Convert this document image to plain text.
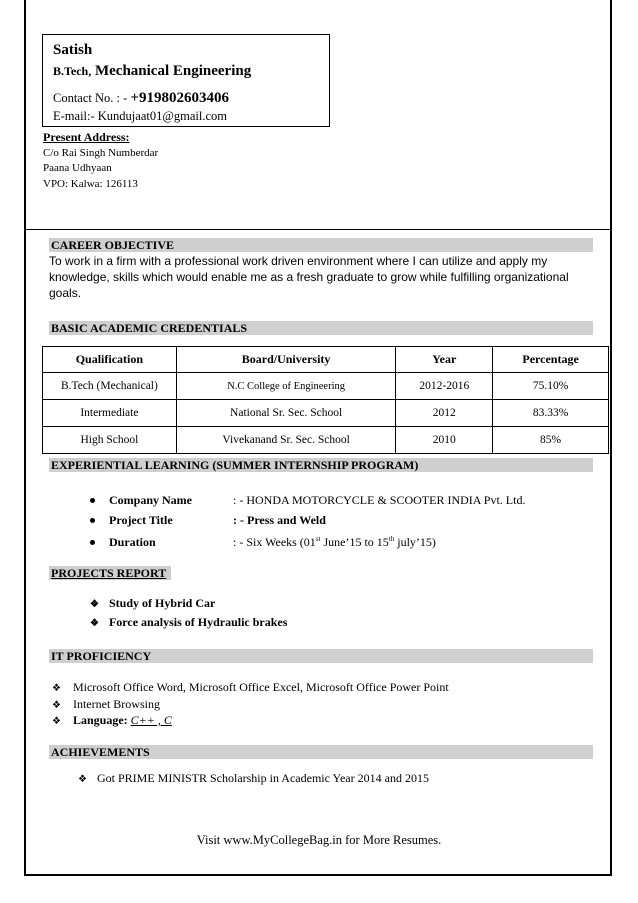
Satish
B.Tech, Mechanical Engineering
Contact No. : - +919802603406
E-mail:- Kundujaat01@gmail.com
Present Address:
C/o Rai Singh Numberdar
Paana Udhyaan
VPO: Kalwa: 126113
CAREER OBJECTIVE
To work in a firm with a professional work driven environment where I can utilize and apply my knowledge, skills which would enable me as a fresh graduate to grow while fulfilling organizational goals.
BASIC ACADEMIC CREDENTIALS
Qualification	Board/University	Year	Percentage
B.Tech (Mechanical)	N.C College of Engineering	2012-2016	75.10%
Intermediate	National Sr. Sec. School	2012	83.33%
High School	Vivekanand Sr. Sec. School	2010	85%
EXPERIENTIAL LEARNING (SUMMER INTERNSHIP PROGRAM)
Company Name	: - HONDA MOTORCYCLE & SCOOTER INDIA Pvt. Ltd.
Project Title	: - Press and Weld
Duration	: - Six Weeks (01st June’15 to 15th july’15)
PROJECTS REPORT
❖ Study of Hybrid Car
❖ Force analysis of Hydraulic brakes
IT PROFICIENCY
❖ Microsoft Office Word, Microsoft Office Excel, Microsoft Office Power Point
❖ Internet Browsing
❖ Language: C++ , C
ACHIEVEMENTS
❖ Got PRIME MINISTR Scholarship in Academic Year 2014 and 2015
Visit www.MyCollegeBag.in for More Resumes.
